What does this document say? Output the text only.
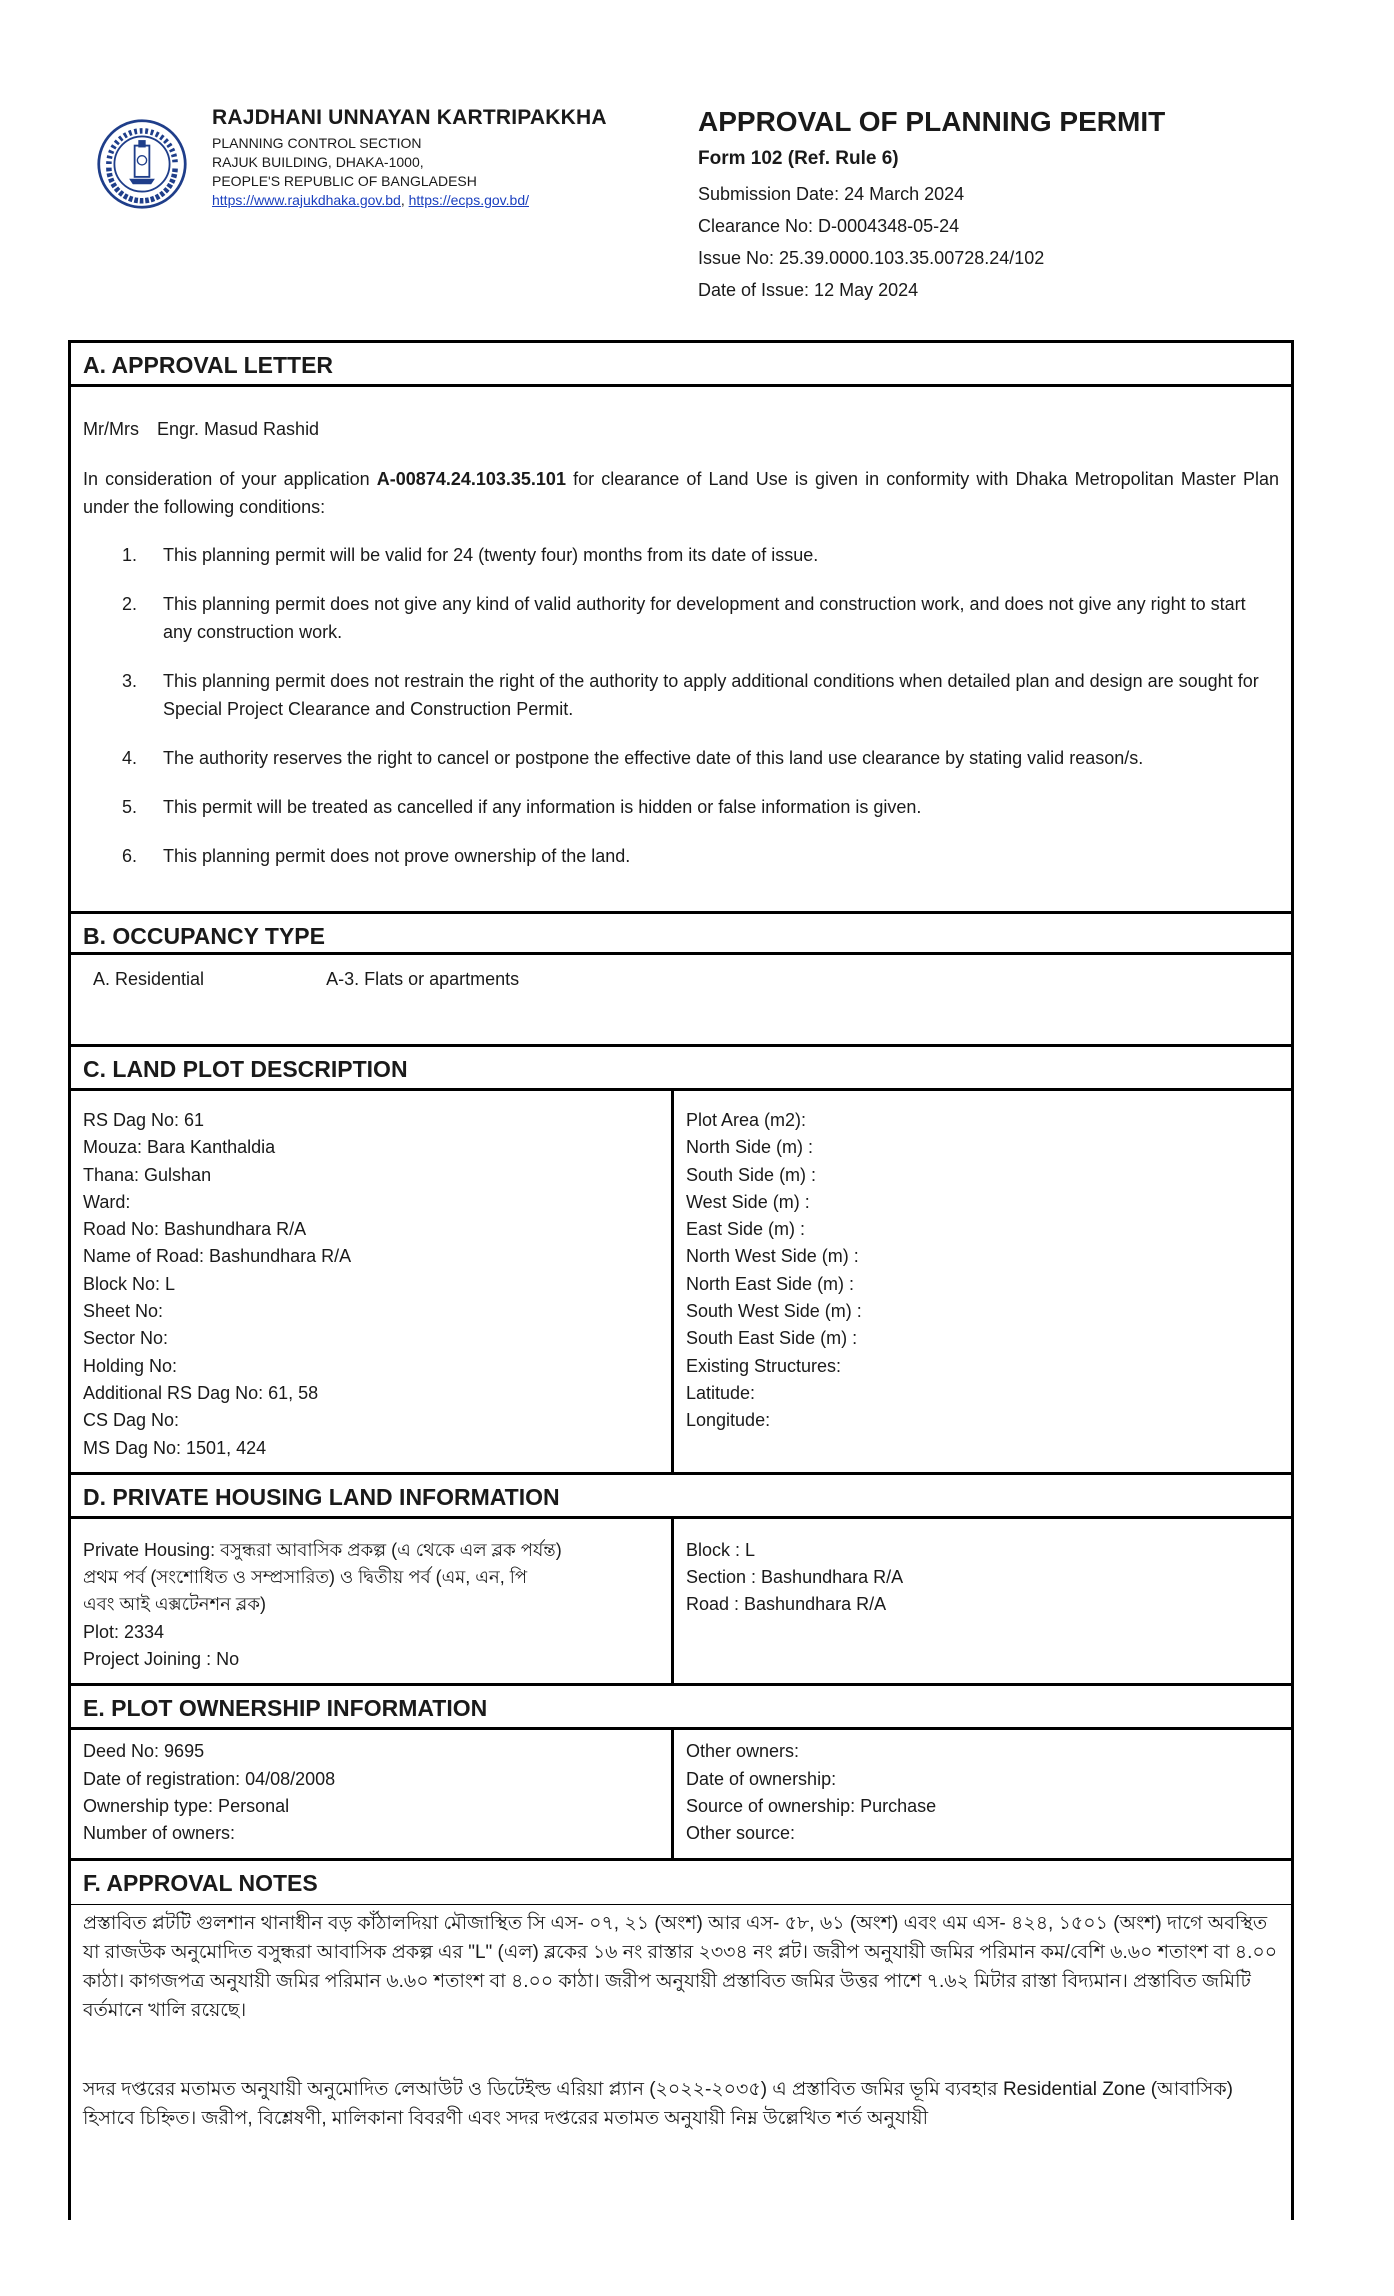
RAJDHANI UNNAYAN KARTRIPAKKHA
PLANNING CONTROL SECTION
RAJUK BUILDING, DHAKA-1000,
PEOPLE'S REPUBLIC OF BANGLADESH
https://www.rajukdhaka.gov.bd, https://ecps.gov.bd/
APPROVAL OF PLANNING PERMIT
Form 102 (Ref. Rule 6)
Submission Date: 24 March 2024
Clearance No: D-0004348-05-24
Issue No: 25.39.0000.103.35.00728.24/102
Date of Issue: 12 May 2024
A. APPROVAL LETTER
Mr/Mrs Engr. Masud Rashid
In consideration of your application A-00874.24.103.35.101 for clearance of Land Use is given in conformity with Dhaka Metropolitan Master Plan under the following conditions:
1.	This planning permit will be valid for 24 (twenty four) months from its date of issue.
2.	This planning permit does not give any kind of valid authority for development and construction work, and does not give any right to start any construction work.
3.	This planning permit does not restrain the right of the authority to apply additional conditions when detailed plan and design are sought for Special Project Clearance and Construction Permit.
4.	The authority reserves the right to cancel or postpone the effective date of this land use clearance by stating valid reason/s.
5.	This permit will be treated as cancelled if any information is hidden or false information is given.
6.	This planning permit does not prove ownership of the land.
B. OCCUPANCY TYPE
A. Residential	A-3. Flats or apartments
C. LAND PLOT DESCRIPTION
RS Dag No: 61
Mouza: Bara Kanthaldia
Thana: Gulshan
Ward:
Road No: Bashundhara R/A
Name of Road: Bashundhara R/A
Block No: L
Sheet No:
Sector No:
Holding No:
Additional RS Dag No: 61, 58
CS Dag No:
MS Dag No: 1501, 424
Plot Area (m2):
North Side (m) :
South Side (m) :
West Side (m) :
East Side (m) :
North West Side (m) :
North East Side (m) :
South West Side (m) :
South East Side (m) :
Existing Structures:
Latitude:
Longitude:
D. PRIVATE HOUSING LAND INFORMATION
Private Housing: বসুন্ধরা আবাসিক প্রকল্প (এ থেকে এল ব্লক পর্যন্ত)
প্রথম পর্ব (সংশোধিত ও সম্প্রসারিত) ও দ্বিতীয় পর্ব (এম, এন, পি
এবং আই এক্সটেনশন ব্লক)
Plot: 2334
Project Joining : No
Block : L
Section : Bashundhara R/A
Road : Bashundhara R/A
E. PLOT OWNERSHIP INFORMATION
Deed No: 9695
Date of registration: 04/08/2008
Ownership type: Personal
Number of owners:
Other owners:
Date of ownership:
Source of ownership: Purchase
Other source:
F. APPROVAL NOTES

প্রস্তাবিত প্লটটি গুলশান থানাধীন বড় কাঁঠালদিয়া মৌজাস্থিত সি এস- ০৭, ২১ (অংশ) আর এস- ৫৮, ৬১ (অংশ) এবং এম এস- ৪২৪, ১৫০১ (অংশ) দাগে অবস্থিত যা রাজউক অনুমোদিত বসুন্ধরা আবাসিক প্রকল্প এর "L" (এল) ব্লকের ১৬ নং রাস্তার ২৩৩৪ নং প্লট। জরীপ অনুযায়ী জমির পরিমান কম/বেশি ৬.৬০ শতাংশ বা ৪.০০ কাঠা। কাগজপত্র অনুযায়ী জমির পরিমান ৬.৬০ শতাংশ বা ৪.০০ কাঠা। জরীপ অনুযায়ী প্রস্তাবিত জমির উত্তর পাশে ৭.৬২ মিটার রাস্তা বিদ্যমান। প্রস্তাবিত জমিটি বর্তমানে খালি রয়েছে।

সদর দপ্তরের মতামত অনুযায়ী অনুমোদিত লেআউট ও ডিটেইল্ড এরিয়া প্ল্যান (২০২২-২০৩৫) এ প্রস্তাবিত জমির ভূমি ব্যবহার Residential Zone (আবাসিক) হিসাবে চিহ্নিত। জরীপ, বিশ্লেষণী, মালিকানা বিবরণী এবং সদর দপ্তরের মতামত অনুযায়ী নিম্ন উল্লেখিত শর্ত অনুযায়ী
